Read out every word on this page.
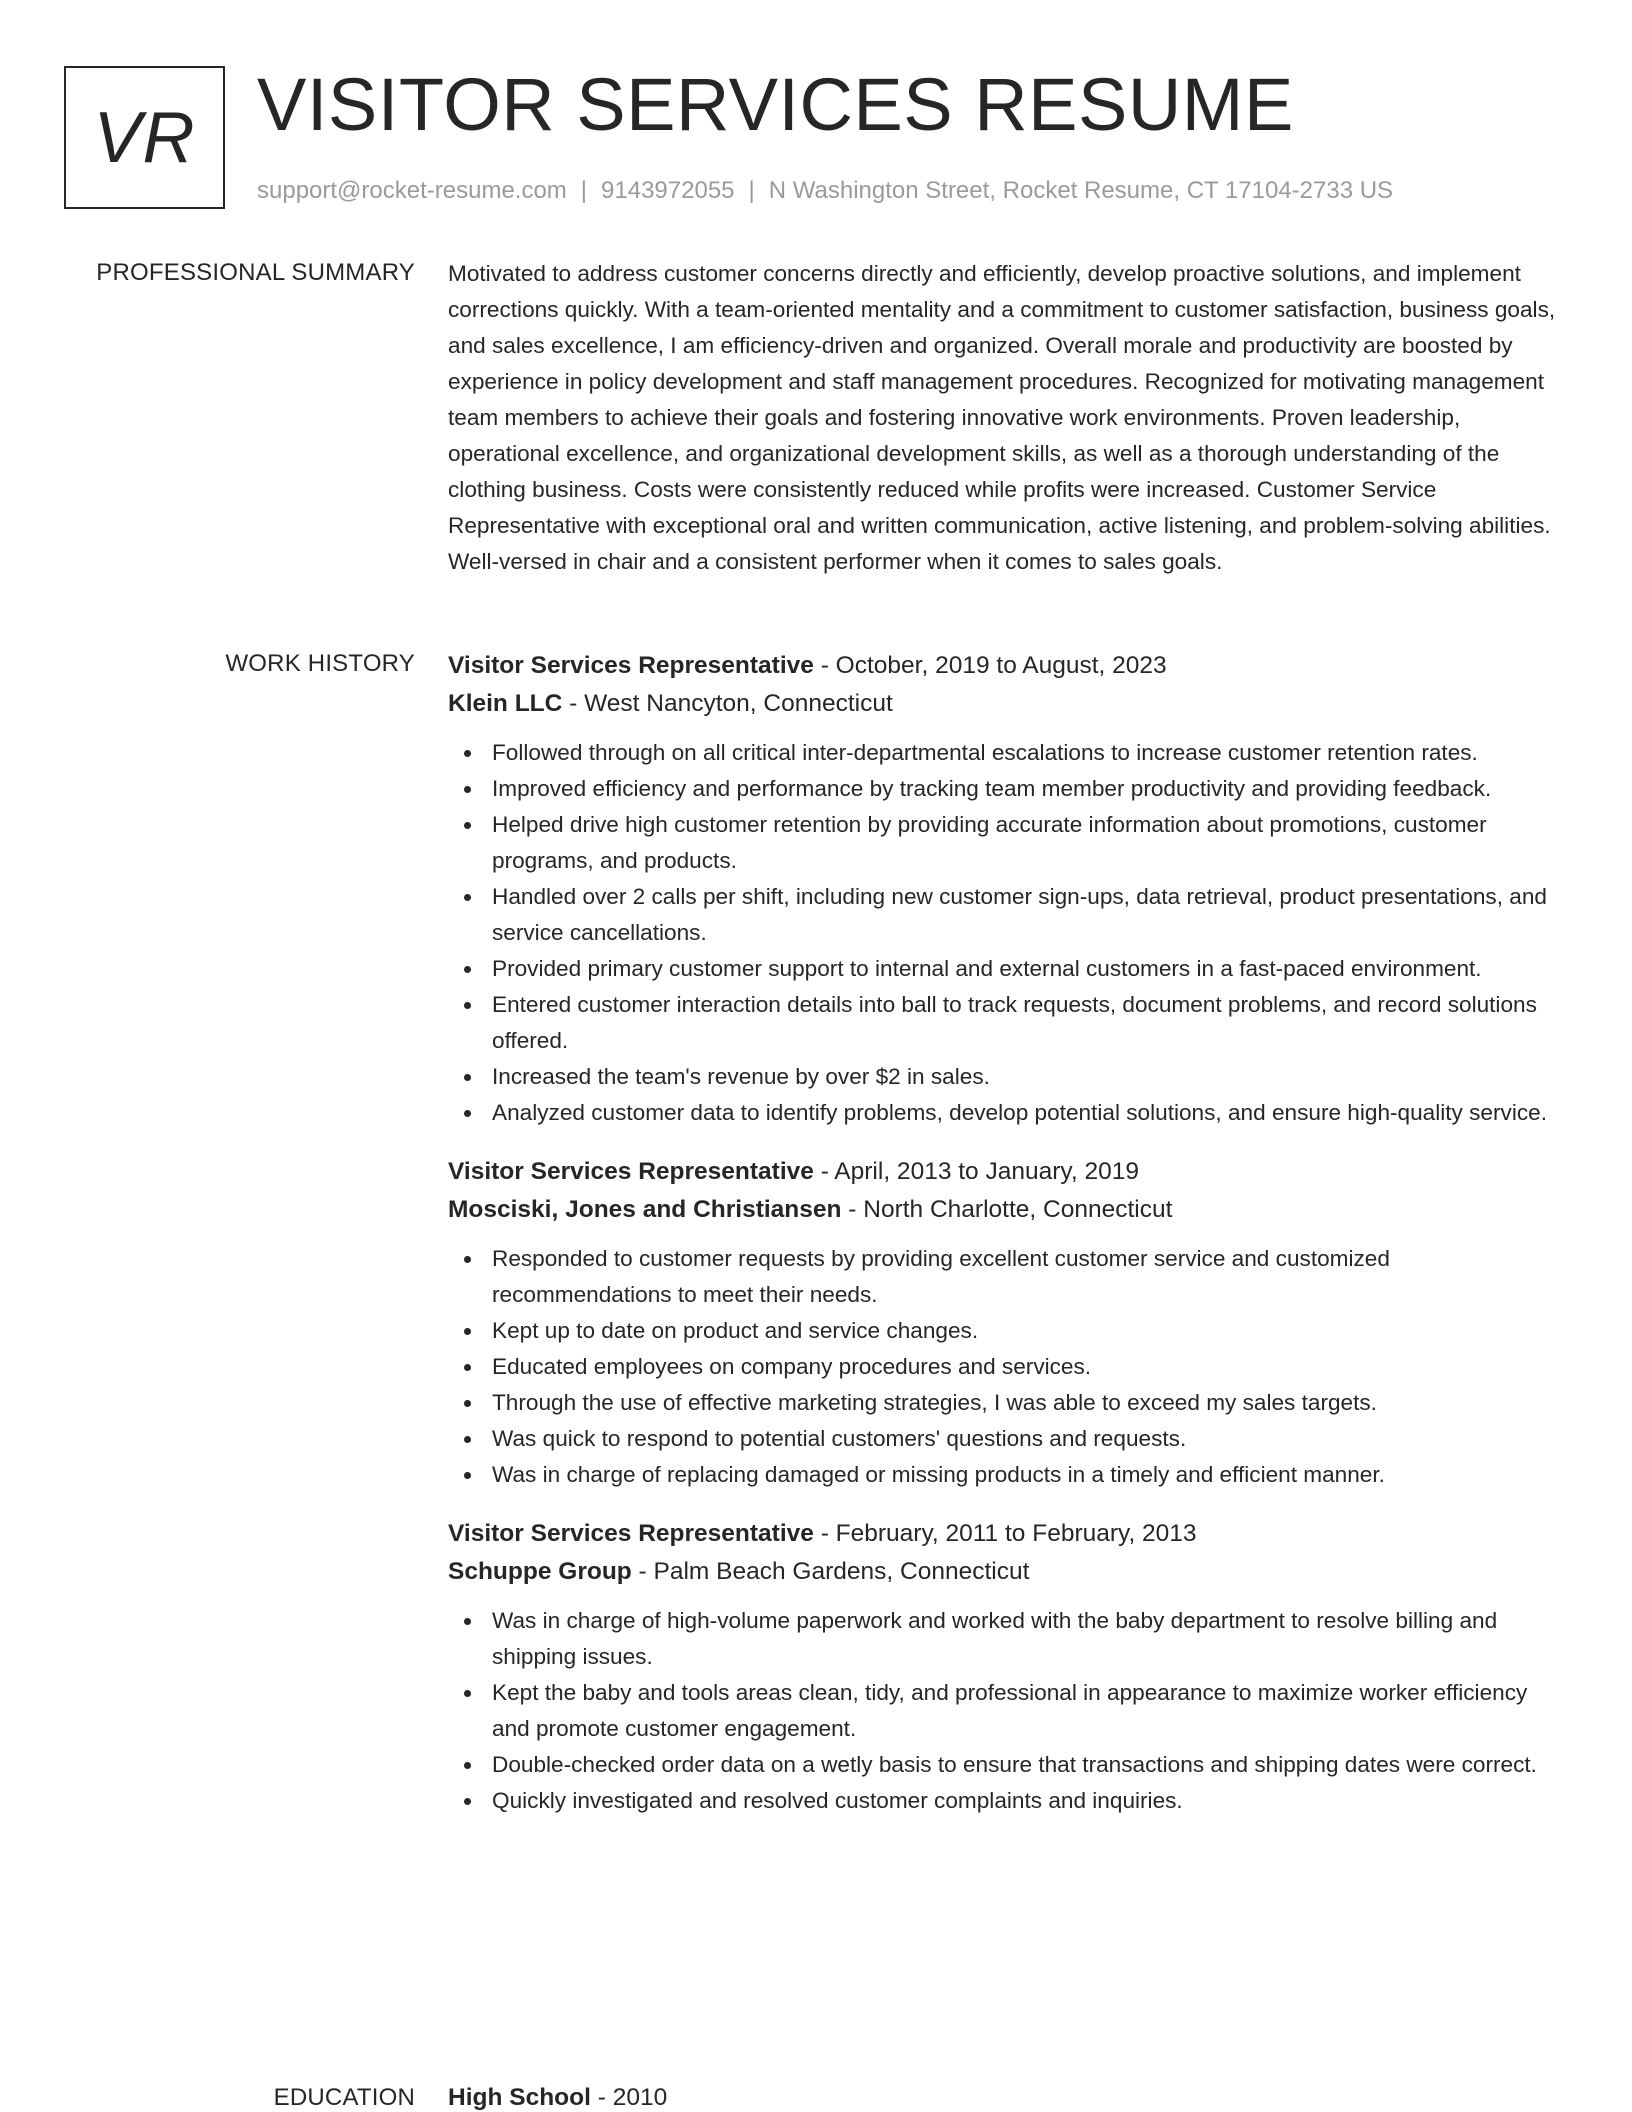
VR VISITOR SERVICES RESUME
support@rocket-resume.com | 9143972055 | N Washington Street, Rocket Resume, CT 17104-2733 US
PROFESSIONAL SUMMARY Motivated to address customer concerns directly and efficiently, develop proactive solutions, and implement corrections quickly. With a team-oriented mentality and a commitment to customer satisfaction, business goals, and sales excellence, I am efficiency-driven and organized. Overall morale and productivity are boosted by experience in policy development and staff management procedures. Recognized for motivating management team members to achieve their goals and fostering innovative work environments. Proven leadership, operational excellence, and organizational development skills, as well as a thorough understanding of the clothing business. Costs were consistently reduced while profits were increased. Customer Service Representative with exceptional oral and written communication, active listening, and problem-solving abilities. Well-versed in chair and a consistent performer when it comes to sales goals.
WORK HISTORY Visitor Services Representative - October, 2019 to August, 2023
Klein LLC - West Nancyton, Connecticut
Followed through on all critical inter-departmental escalations to increase customer retention rates.
Improved efficiency and performance by tracking team member productivity and providing feedback.
Helped drive high customer retention by providing accurate information about promotions, customer programs, and products.
Handled over 2 calls per shift, including new customer sign-ups, data retrieval, product presentations, and service cancellations.
Provided primary customer support to internal and external customers in a fast-paced environment.
Entered customer interaction details into ball to track requests, document problems, and record solutions offered.
Increased the team's revenue by over $2 in sales.
Analyzed customer data to identify problems, develop potential solutions, and ensure high-quality service.
Visitor Services Representative - April, 2013 to January, 2019
Mosciski, Jones and Christiansen - North Charlotte, Connecticut
Responded to customer requests by providing excellent customer service and customized recommendations to meet their needs.
Kept up to date on product and service changes.
Educated employees on company procedures and services.
Through the use of effective marketing strategies, I was able to exceed my sales targets.
Was quick to respond to potential customers' questions and requests.
Was in charge of replacing damaged or missing products in a timely and efficient manner.
Visitor Services Representative - February, 2011 to February, 2013
Schuppe Group - Palm Beach Gardens, Connecticut
Was in charge of high-volume paperwork and worked with the baby department to resolve billing and shipping issues.
Kept the baby and tools areas clean, tidy, and professional in appearance to maximize worker efficiency and promote customer engagement.
Double-checked order data on a wetly basis to ensure that transactions and shipping dates were correct.
Quickly investigated and resolved customer complaints and inquiries.
EDUCATION High School - 2010
